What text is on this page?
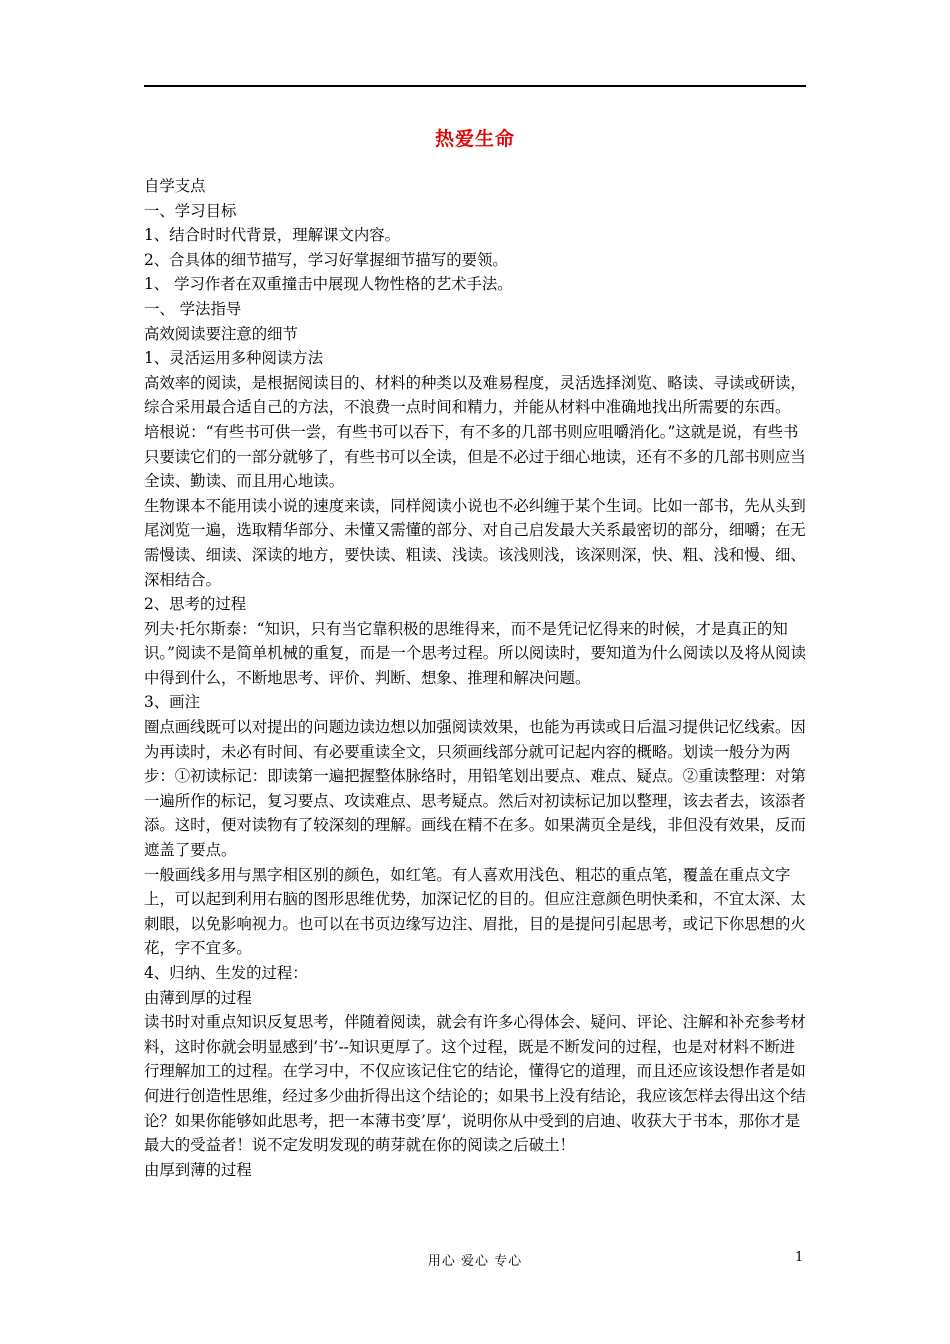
热爱生命

自学支点

一、学习目标

1、结合时时代背景，理解课文内容。

2、合具体的细节描写，学习好掌握细节描写的要领。

1、 学习作者在双重撞击中展现人物性格的艺术手法。

一、 学法指导

高效阅读要注意的细节

1、灵活运用多种阅读方法

高效率的阅读，是根据阅读目的、材料的种类以及难易程度，灵活选择浏览、略读、寻读或研读，综合采用最合适自己的方法，不浪费一点时间和精力，并能从材料中准确地找出所需要的东西。

培根说：“有些书可供一尝，有些书可以吞下，有不多的几部书则应咀嚼消化。”这就是说，有些书只要读它们的一部分就够了，有些书可以全读，但是不必过于细心地读，还有不多的几部书则应当全读、勤读、而且用心地读。

生物课本不能用读小说的速度来读，同样阅读小说也不必纠缠于某个生词。比如一部书，先从头到尾浏览一遍，选取精华部分、未懂又需懂的部分、对自己启发最大关系最密切的部分，细嚼；在无需慢读、细读、深读的地方，要快读、粗读、浅读。该浅则浅，该深则深，快、粗、浅和慢、细、深相结合。

2、思考的过程

列夫·托尔斯泰：“知识，只有当它靠积极的思维得来，而不是凭记忆得来的时候，才是真正的知识。”阅读不是简单机械的重复，而是一个思考过程。所以阅读时，要知道为什么阅读以及将从阅读中得到什么，不断地思考、评价、判断、想象、推理和解决问题。

3、画注

圈点画线既可以对提出的问题边读边想以加强阅读效果，也能为再读或日后温习提供记忆线索。因为再读时，未必有时间、有必要重读全文，只须画线部分就可记起内容的概略。划读一般分为两步：①初读标记：即读第一遍把握整体脉络时，用铅笔划出要点、难点、疑点。②重读整理：对第一遍所作的标记，复习要点、攻读难点、思考疑点。然后对初读标记加以整理，该去者去，该添者添。这时，便对读物有了较深刻的理解。画线在精不在多。如果满页全是线，非但没有效果，反而遮盖了要点。

一般画线多用与黑字相区别的颜色，如红笔。有人喜欢用浅色、粗芯的重点笔，覆盖在重点文字上，可以起到利用右脑的图形思维优势，加深记忆的目的。但应注意颜色明快柔和，不宜太深、太刺眼，以免影响视力。也可以在书页边缘写边注、眉批，目的是提问引起思考，或记下你思想的火花，字不宜多。

4、归纳、生发的过程：

由薄到厚的过程

读书时对重点知识反复思考，伴随着阅读，就会有许多心得体会、疑问、评论、注解和补充参考材料，这时你就会明显感到’书’--知识更厚了。这个过程，既是不断发问的过程，也是对材料不断进行理解加工的过程。在学习中，不仅应该记住它的结论，懂得它的道理，而且还应该设想作者是如何进行创造性思维，经过多少曲折得出这个结论的；如果书上没有结论，我应该怎样去得出这个结论？如果你能够如此思考，把一本薄书变’厚’，说明你从中受到的启迪、收获大于书本，那你才是最大的受益者！说不定发明发现的萌芽就在你的阅读之后破土！

由厚到薄的过程

用心 爱心 专心	1
